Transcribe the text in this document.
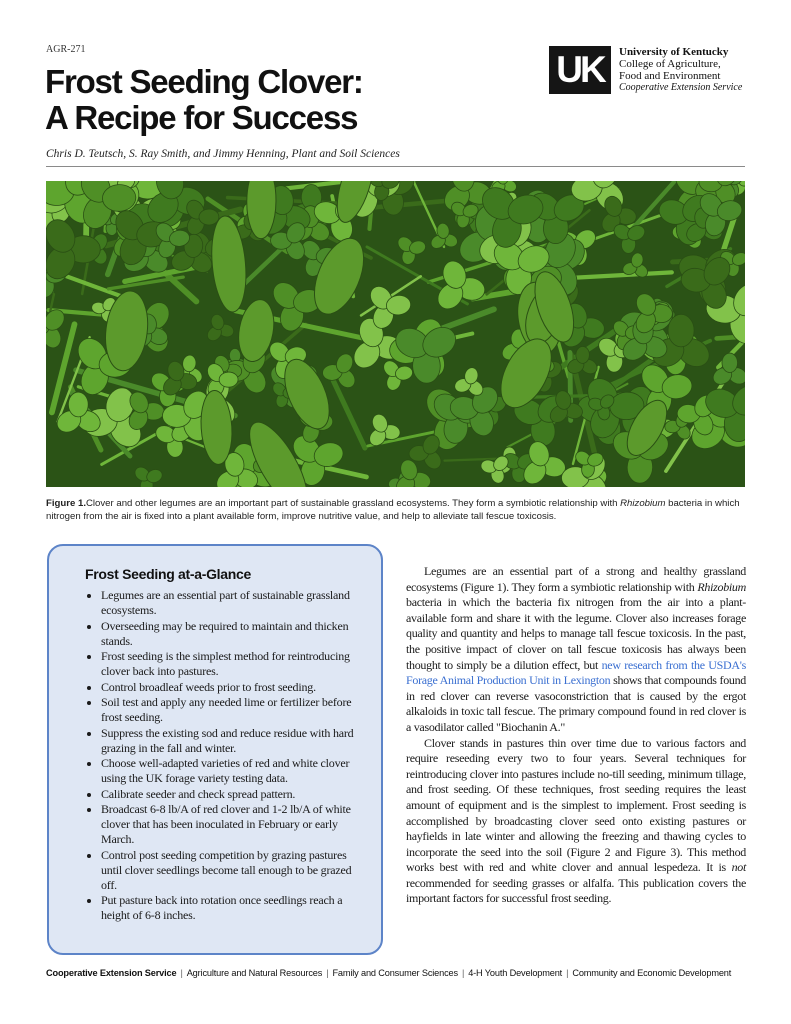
AGR-271
Frost Seeding Clover:
A Recipe for Success
UK	University of Kentucky
College of Agriculture,
Food and Environment
Cooperative Extension Service
Chris D. Teutsch, S. Ray Smith, and Jimmy Henning, Plant and Soil Sciences

Figure 1.Clover and other legumes are an important part of sustainable grassland ecosystems. They form a symbiotic relationship with Rhizobium bacteria in which nitrogen from the air is fixed into a plant available form, improve nutritive value, and help to alleviate tall fescue toxicosis.

Frost Seeding at-a-Glance
• Legumes are an essential part of sustainable grassland ecosystems.
• Overseeding may be required to maintain and thicken stands.
• Frost seeding is the simplest method for reintroducing clover back into pastures.
• Control broadleaf weeds prior to frost seeding.
• Soil test and apply any needed lime or fertilizer before frost seeding.
• Suppress the existing sod and reduce residue with hard grazing in the fall and winter.
• Choose well-adapted varieties of red and white clover using the UK forage variety testing data.
• Calibrate seeder and check spread pattern.
• Broadcast 6-8 lb/A of red clover and 1-2 lb/A of white clover that has been inoculated in February or early March.
• Control post seeding competition by grazing pastures until clover seedlings become tall enough to be grazed off.
• Put pasture back into rotation once seedlings reach a height of 6-8 inches.

Legumes are an essential part of a strong and healthy grassland ecosystems (Figure 1). They form a symbiotic relationship with Rhizobium bacteria in which the bacteria fix nitrogen from the air into a plant-available form and share it with the legume. Clover also increases forage quality and quantity and helps to manage tall fescue toxicosis. In the past, the positive impact of clover on tall fescue toxicosis has always been thought to simply be a dilution effect, but new research from the USDA's Forage Animal Production Unit in Lexington shows that compounds found in red clover can reverse vasoconstriction that is caused by the ergot alkaloids in toxic tall fescue. The primary compound found in red clover is a vasodilator called "Biochanin A."

Clover stands in pastures thin over time due to various factors and require reseeding every two to four years. Several techniques for reintroducing clover into pastures include no-till seeding, minimum tillage, and frost seeding. Of these techniques, frost seeding requires the least amount of equipment and is the simplest to implement. Frost seeding is accomplished by broadcasting clover seed onto existing pastures or hayfields in late winter and allowing the freezing and thawing cycles to incorporate the seed into the soil (Figure 2 and Figure 3). This method works best with red and white clover and annual lespedeza. It is not recommended for seeding grasses or alfalfa. This publication covers the important factors for successful frost seeding.

Cooperative Extension Service | Agriculture and Natural Resources | Family and Consumer Sciences | 4-H Youth Development | Community and Economic Development
